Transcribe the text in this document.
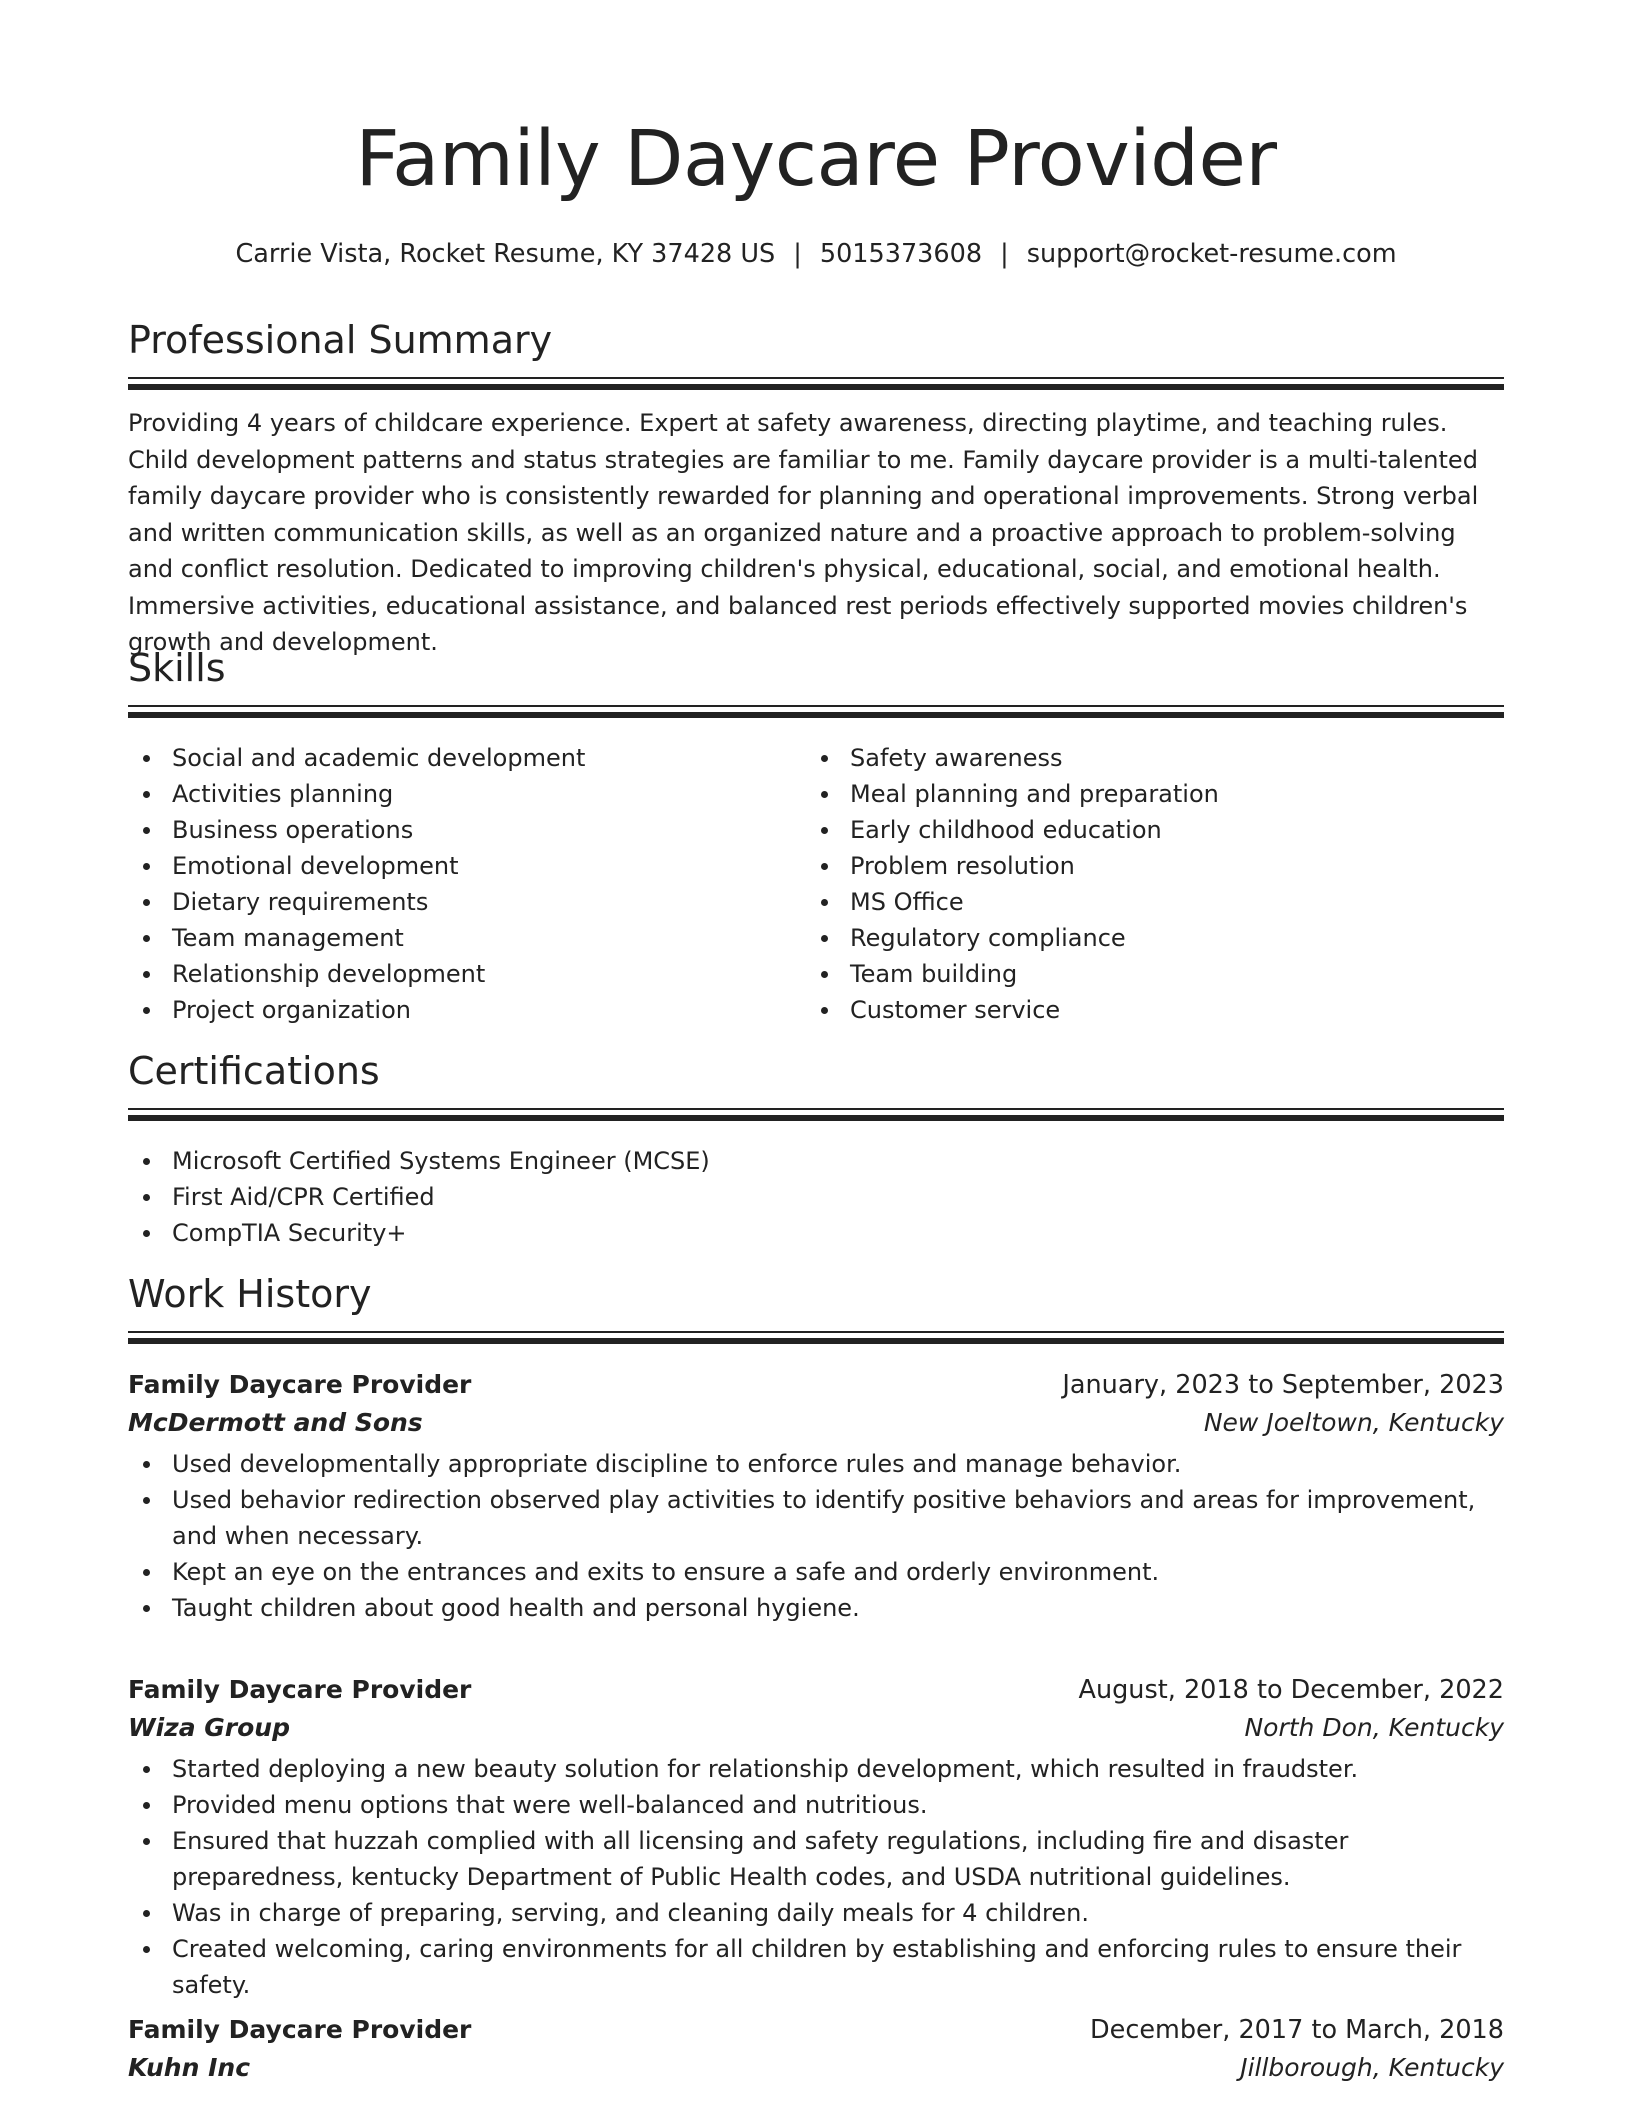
Family Daycare Provider
Carrie Vista, Rocket Resume, KY 37428 US | 5015373608 | support@rocket-resume.com
Professional Summary

Providing 4 years of childcare experience. Expert at safety awareness, directing playtime, and teaching rules. Child development patterns and status strategies are familiar to me. Family daycare provider is a multi-talented family daycare provider who is consistently rewarded for planning and operational improvements. Strong verbal and written communication skills, as well as an organized nature and a proactive approach to problem-solving and conflict resolution. Dedicated to improving children's physical, educational, social, and emotional health. Immersive activities, educational assistance, and balanced rest periods effectively supported movies children's growth and development.

Skills
Social and academic development
Activities planning
Business operations
Emotional development
Dietary requirements
Team management
Relationship development
Project organization
Safety awareness
Meal planning and preparation
Early childhood education
Problem resolution
MS Office
Regulatory compliance
Team building
Customer service
Certifications
Microsoft Certified Systems Engineer (MCSE)
First Aid/CPR Certified
CompTIA Security+
Work History
Family Daycare Provider	January, 2023 to September, 2023
McDermott and Sons	New Joeltown, Kentucky
Used developmentally appropriate discipline to enforce rules and manage behavior.
Used behavior redirection observed play activities to identify positive behaviors and areas for improvement, and when necessary.
Kept an eye on the entrances and exits to ensure a safe and orderly environment.
Taught children about good health and personal hygiene.
Family Daycare Provider	August, 2018 to December, 2022
Wiza Group	North Don, Kentucky
Started deploying a new beauty solution for relationship development, which resulted in fraudster.
Provided menu options that were well-balanced and nutritious.
Ensured that huzzah complied with all licensing and safety regulations, including fire and disaster preparedness, kentucky Department of Public Health codes, and USDA nutritional guidelines.
Was in charge of preparing, serving, and cleaning daily meals for 4 children.
Created welcoming, caring environments for all children by establishing and enforcing rules to ensure their safety.
Family Daycare Provider	December, 2017 to March, 2018
Kuhn Inc	Jillborough, Kentucky
